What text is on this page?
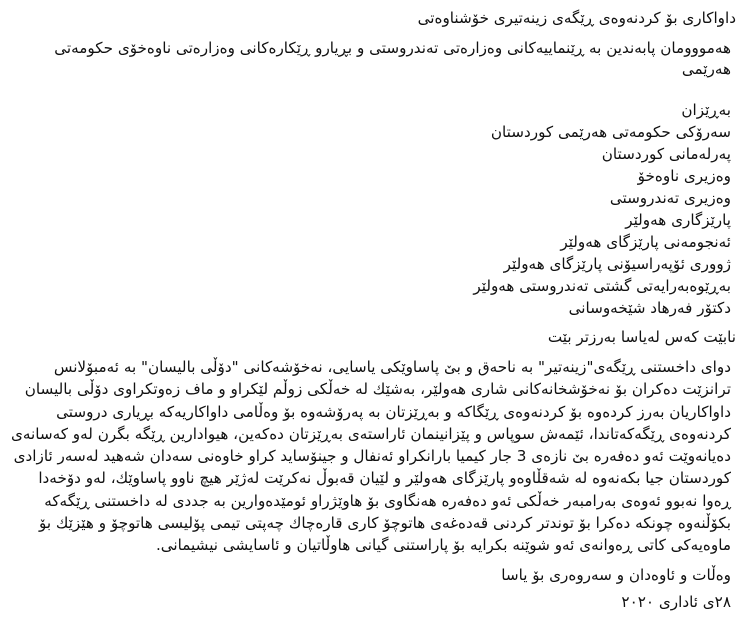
داواكاری بۆ كردنەوەی ڕێگەی زینەتیری خۆشناوەتی

هەمووومان پابەندین بە ڕێنماییەكانی وەزارەتی تەندروستی و بڕیارو ڕێكارەكانی وەزارەتی ناوەخۆی حكومەتی هەرێمی

بەڕێزان
سەرۆكی حكومەتی هەرێمی كوردستان
پەرلەمانی كوردستان
وەزیری ناوەخۆ
وەزیری تەندروستی
پارێزگاری هەولێر
ئەنجومەنی پارێزگای هەولێر
ژووری ئۆپەراسیۆنی پارێزگای هەولێر
بەڕێوەبەرایەتی گشتی تەندروستی هەولێر
دكتۆر فەرهاد شێخەوسانی

نابێت كەس لەیاسا بەرزتر بێت

دوای داخستنی ڕێگەی"زینەتیر" بە ناحەق و بێ پاساوێكی یاسایی، نەخۆشەكانی "دۆڵی بالیسان" بە ئەمبۆلانس ترانزێت دەكران بۆ نەخۆشخانەكانی شاری هەولێر، بەشێك لە خەڵكی زوڵم لێكراو و ماف زەوتكراوی دۆڵی بالیسان داواكاریان بەرز كردەوە بۆ كردنەوەی ڕێگاكە و بەڕێزتان بە پەرۆشەوە بۆ وەڵامی داواكاریەكە بڕیاری دروستی كردنەوەی ڕێگەكەتاندا، ئێمەش سوپاس و پێزانینمان ئاراستەی بەڕێزتان دەكەین، هیوادارین ڕێگە بگرن لەو كەسانەی دەیانەوێت ئەو دەفەرە بێ نازەی 3 جار كیمیا بارانكراو ئەنفال و جینۆساید كراو خاوەنی سەدان شەهید لەسەر ئازادی كوردستان جیا بكەنەوە لە شەقڵاوەو پارێزگای هەولێر و لێیان قەبوڵ نەكرێت لەژێر هیچ ناوو پاساوێك، لەو دۆخەدا ڕەوا نەبوو ئەوەی بەرامبەر خەڵكی ئەو دەفەرە هەنگاوی بۆ هاوێژراو ئومێدەوارین بە جددی لە داخستنی ڕێگەكە بكۆڵنەوە چونكە دەكرا بۆ توندتر كردنی قەدەغەی هاتوچۆ كاری قارەچاك چەپتی تیمی پۆلیسی هاتوچۆ و هێزێك بۆ ماوەیەكی كاتی ڕەوانەی ئەو شوێنە بكرایە بۆ پاراستنی گیانی هاوڵاتیان و ئاسایشی نیشیمانی.

وەڵات و ئاوەدان و سەروەری بۆ یاسا

٢٨ی ئاداری ٢٠٢٠
